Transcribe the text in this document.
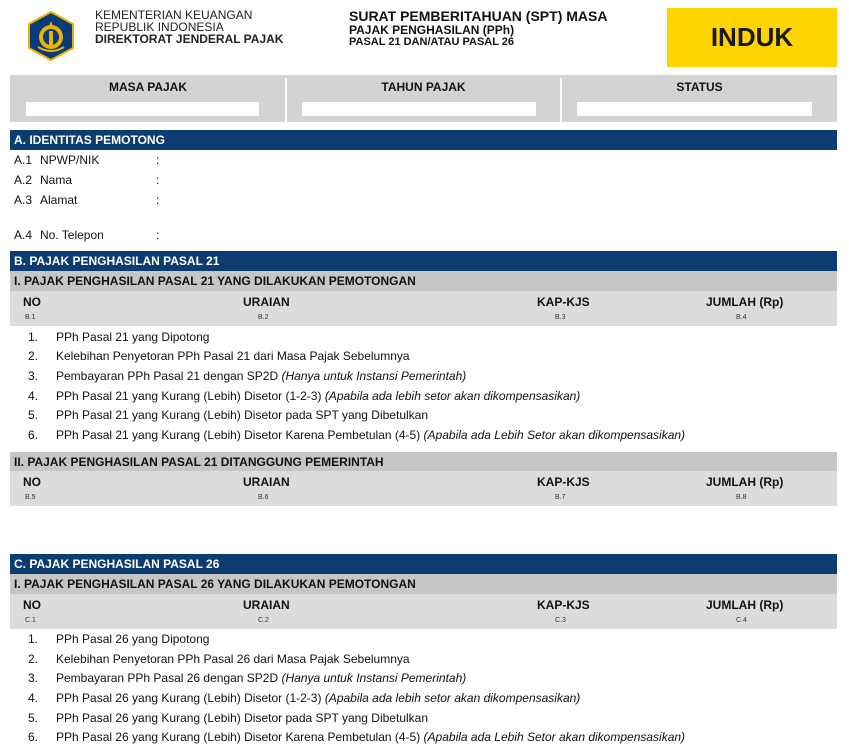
KEMENTERIAN KEUANGAN
REPUBLIK INDONESIA
DIREKTORAT JENDERAL PAJAK
SURAT PEMBERITAHUAN (SPT) MASA
PAJAK PENGHASILAN (PPh)
PASAL 21 DAN/ATAU PASAL 26	INDUK
MASA PAJAK	TAHUN PAJAK	STATUS
A. IDENTITAS PEMOTONG
A.1 NPWP/NIK	:
A.2 Nama	:
A.3 Alamat	:
A.4 No. Telepon	:
B. PAJAK PENGHASILAN PASAL 21
I. PAJAK PENGHASILAN PASAL 21 YANG DILAKUKAN PEMOTONGAN
NO	URAIAN	KAP-KJS	JUMLAH (Rp)
B.1	B.2	B.3	B.4
1. PPh Pasal 21 yang Dipotong
2. Kelebihan Penyetoran PPh Pasal 21 dari Masa Pajak Sebelumnya
3. Pembayaran PPh Pasal 21 dengan SP2D (Hanya untuk Instansi Pemerintah)
4. PPh Pasal 21 yang Kurang (Lebih) Disetor (1-2-3) (Apabila ada lebih setor akan dikompensasikan)
5. PPh Pasal 21 yang Kurang (Lebih) Disetor pada SPT yang Dibetulkan
6. PPh Pasal 21 yang Kurang (Lebih) Disetor Karena Pembetulan (4-5) (Apabila ada Lebih Setor akan dikompensasikan)
II. PAJAK PENGHASILAN PASAL 21 DITANGGUNG PEMERINTAH
NO	URAIAN	KAP-KJS	JUMLAH (Rp)
B.5	B.6	B.7	B.8
C. PAJAK PENGHASILAN PASAL 26
I. PAJAK PENGHASILAN PASAL 26 YANG DILAKUKAN PEMOTONGAN
NO	URAIAN	KAP-KJS	JUMLAH (Rp)
C.1	C.2	C.3	C.4
1. PPh Pasal 26 yang Dipotong
2. Kelebihan Penyetoran PPh Pasal 26 dari Masa Pajak Sebelumnya
3. Pembayaran PPh Pasal 26 dengan SP2D (Hanya untuk Instansi Pemerintah)
4. PPh Pasal 26 yang Kurang (Lebih) Disetor (1-2-3) (Apabila ada lebih setor akan dikompensasikan)
5. PPh Pasal 26 yang Kurang (Lebih) Disetor pada SPT yang Dibetulkan
6. PPh Pasal 26 yang Kurang (Lebih) Disetor Karena Pembetulan (4-5) (Apabila ada Lebih Setor akan dikompensasikan)
